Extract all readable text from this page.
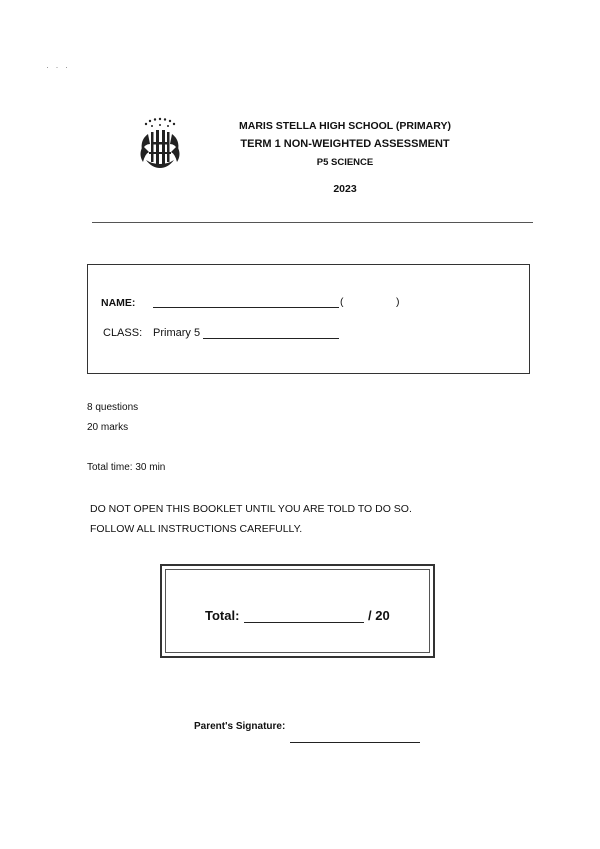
· · ·
MARIS STELLA HIGH SCHOOL (PRIMARY)
TERM 1 NON-WEIGHTED ASSESSMENT
P5 SCIENCE
2023
NAME:	(	)
CLASS: Primary 5
8 questions
20 marks
Total time: 30 min
DO NOT OPEN THIS BOOKLET UNTIL YOU ARE TOLD TO DO SO.
FOLLOW ALL INSTRUCTIONS CAREFULLY.
Total:	/ 20
Parent's Signature:
